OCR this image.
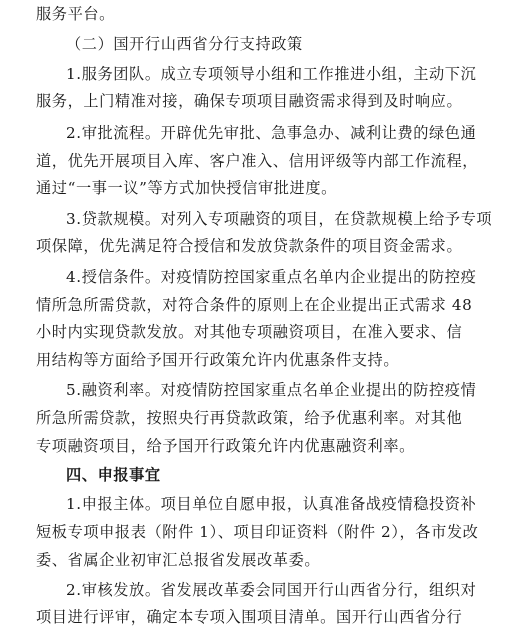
服务平台。
（二）国开行山西省分行支持政策
1.服务团队。成立专项领导小组和工作推进小组，主动下沉
服务，上门精准对接，确保专项项目融资需求得到及时响应。
2.审批流程。开辟优先审批、急事急办、减利让费的绿色通
道，优先开展项目入库、客户准入、信用评级等内部工作流程，
通过“一事一议”等方式加快授信审批进度。
3.贷款规模。对列入专项融资的项目，在贷款规模上给予专项
项保障，优先满足符合授信和发放贷款条件的项目资金需求。
4.授信条件。对疫情防控国家重点名单内企业提出的防控疫
情所急所需贷款，对符合条件的原则上在企业提出正式需求 48
小时内实现贷款发放。对其他专项融资项目，在准入要求、信
用结构等方面给予国开行政策允许内优惠条件支持。
5.融资利率。对疫情防控国家重点名单企业提出的防控疫情
所急所需贷款，按照央行再贷款政策，给予优惠利率。对其他
专项融资项目，给予国开行政策允许内优惠融资利率。
四、申报事宜
1.申报主体。项目单位自愿申报，认真准备战疫情稳投资补
短板专项申报表（附件 1）、项目印证资料（附件 2），各市发改
委、省属企业初审汇总报省发展改革委。
2.审核发放。省发展改革委会同国开行山西省分行，组织对
项目进行评审，确定本专项入围项目清单。国开行山西省分行
